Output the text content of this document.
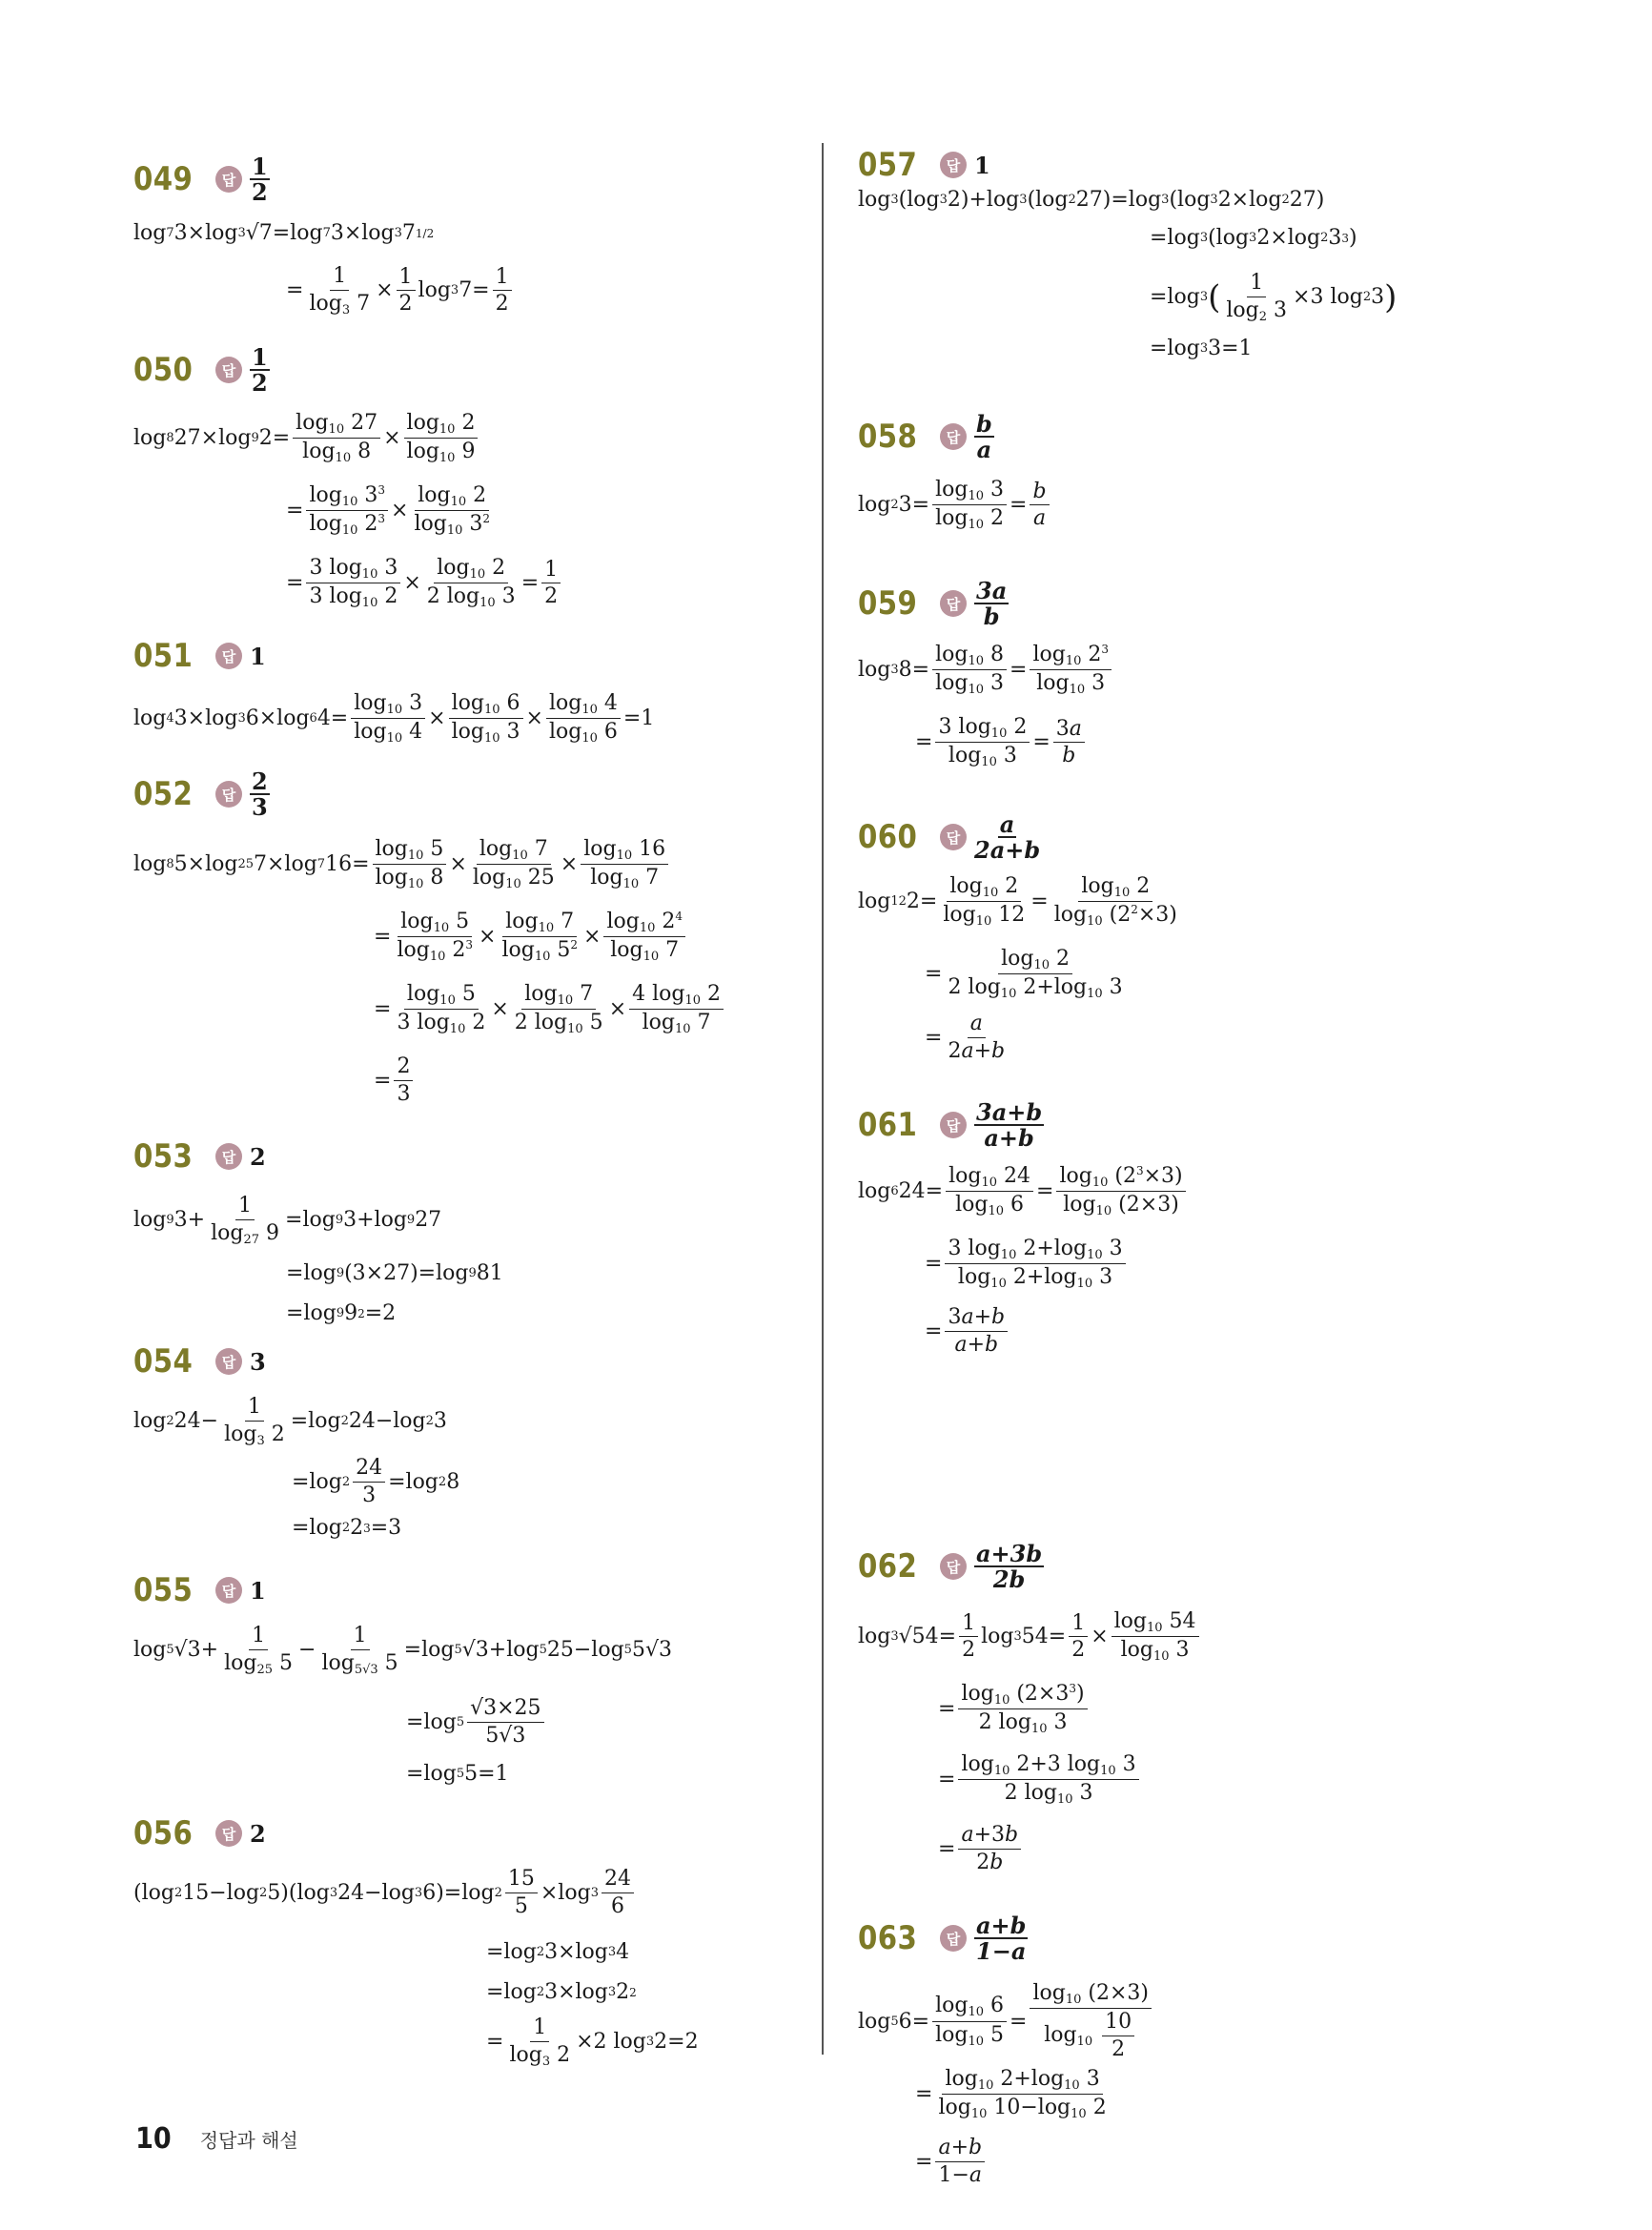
049	답 1
2
log 7 3×log 3 √7=log 7 3×log 3 7 1/2
= $\frac{1}{\log_3 7} \times \frac{1}{2}$ log 3 $7= \frac{1}{2}$
050	답 1
2
log 8 27×log 9 $2= \frac{\log_{10} 27}{\log_{10} 8} \times \frac{\log_{10} 2}{\log_{10} 9}$
= $\frac{\log_{10} 3^3}{\log_{10} 2^3} \times \frac{\log_{10} 2}{\log_{10} 3^2}$
= $\frac{3 \log_{10} 3}{3 \log_{10} 2} \times \frac{\log_{10} 2}{2 \log_{10} 3} = \frac{1}{2}$
051	답 1
log 4 3×log 3 6×log 6 $4= \frac{\log_{10} 3}{\log_{10} 4} \times \frac{\log_{10} 6}{\log_{10} 3} \times \frac{\log_{10} 4}{\log_{10} 6} =1$
052	답 2
3
log 8 5×log 25 7×log 7 $16= \frac{\log_{10} 5}{\log_{10} 8} \times \frac{\log_{10} 7}{\log_{10} 25} \times \frac{\log_{10} 16}{\log_{10} 7}$
= $\frac{\log_{10} 5}{\log_{10} 2^3} \times \frac{\log_{10} 7}{\log_{10} 5^2} \times \frac{\log_{10} 2^4}{\log_{10} 7}$
= $\frac{\log_{10} 5}{3 \log_{10} 2} \times \frac{\log_{10} 7}{2 \log_{10} 5} \times \frac{4 \log_{10} 2}{\log_{10} 7}$
= $\frac{2}{3}$
053	답 2
log 9 $3+ \frac{1}{\log_{27} 9} =\log$ 9 3+log 9 27
=log 9 (3×27)=log 9 81
=log 9 9 2 =2
054	답 3
log 2 $24- \frac{1}{\log_3 2} =\log$ 2 24−log 2 3
=log $2 \frac{24}{3} =\log$ 2 8
=log 2 2 3 =3
055	답 1
log 5 $√3+ \frac{1}{\log_{25} 5} - \frac{1}{\log_{5√3} 5} =\log$ 5 √3+log 5 25−log 5 5√3
=log $5 \frac{√3\times 25}{5√3}$
=log 5 5=1
056	답 2
(log 2 15−log 2 5)(log 3 24−log 3 6)=log $2 \frac{15}{5} \times\log$ $3 \frac{24}{6}$
=log 2 3×log 3 4
=log 2 3×log 3 2 2
= $\frac{1}{\log_3 2} \times 2$ log 3 2=2
057	답 1
log 3 (log 3 2)+log 3 (log 2 27)=log 3 (log 3 2×log 2 27)
=log 3 (log 3 2×log 2 3 3 )
=log 3 ( $\frac{1}{\log_2 3} \times 3$ log 2 3 )
=log 3 3=1
058	답 b
a
log 2 $3= \frac{\log_{10} 3}{\log_{10} 2} = \frac{b}{a}$
059	답 3a
b
log 3 $8= \frac{\log_{10} 8}{\log_{10} 3} = \frac{\log_{10} 2^3}{\log_{10} 3}$
= $\frac{3 \log_{10} 2}{\log_{10} 3} = \frac{3a}{b}$
060	답 a
2a+b
log 12 $2= \frac{\log_{10} 2}{\log_{10} 12} = \frac{\log_{10} 2}{\log_{10} (2^2\times 3)}$
= $\frac{\log_{10} 2}{2 \log_{10} 2+\log_{10} 3}$
= $\frac{a}{2a+b}$
061	답 3a+b
a+b
log 6 $24= \frac{\log_{10} 24}{\log_{10} 6} = \frac{\log_{10} (2^3\times 3)}{\log_{10} (2\times 3)}$
= $\frac{3 \log_{10} 2+\log_{10} 3}{\log_{10} 2+\log_{10} 3}$
= $\frac{3a+b}{a+b}$
062	답 a+3b
2b
log 3 $√54= \frac{1}{2}$ log 3 $54= \frac{1}{2} \times \frac{\log_{10} 54}{\log_{10} 3}$
= $\frac{\log_{10} (2\times 3^3)}{2 \log_{10} 3}$
= $\frac{\log_{10} 2+3 \log_{10} 3}{2 \log_{10} 3}$
= $\frac{a+3b}{2b}$
063	답 a+b
1−a
log 5 $6= \frac{\log_{10} 6}{\log_{10} 5} = \frac{\log_{10} (2\times 3)}{\log_{10} \frac{10}{2}}$
= $\frac{\log_{10} 2+\log_{10} 3}{\log_{10} 10-\log_{10} 2}$
= $\frac{a+b}{1-a}$
10 정답과 해설
